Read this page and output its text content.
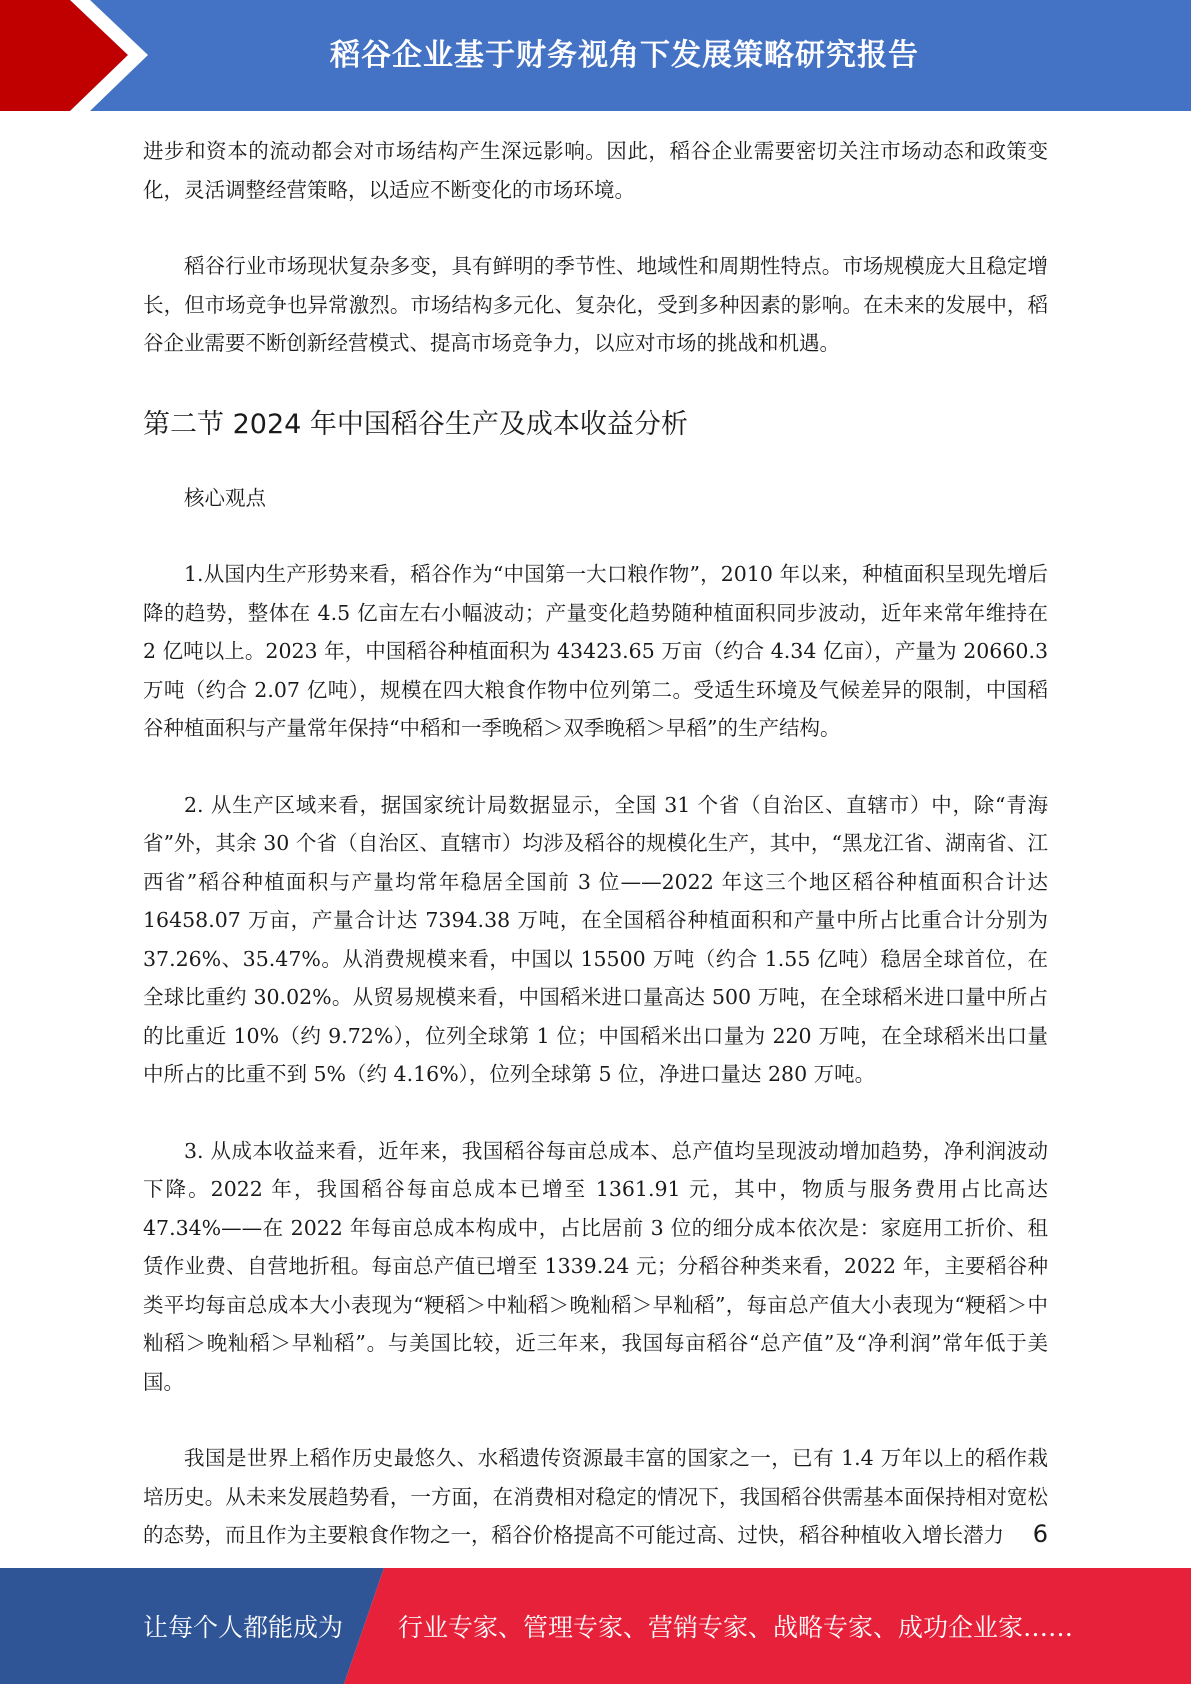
稻谷企业基于财务视角下发展策略研究报告

进步和资本的流动都会对市场结构产生深远影响。因此，稻谷企业需要密切关注市场动态和政策变化，灵活调整经营策略，以适应不断变化的市场环境。

稻谷行业市场现状复杂多变，具有鲜明的季节性、地域性和周期性特点。市场规模庞大且稳定增长，但市场竞争也异常激烈。市场结构多元化、复杂化，受到多种因素的影响。在未来的发展中，稻谷企业需要不断创新经营模式、提高市场竞争力，以应对市场的挑战和机遇。

第二节 2024 年中国稻谷生产及成本收益分析

核心观点

1.从国内生产形势来看，稻谷作为“中国第一大口粮作物”，2010 年以来，种植面积呈现先增后降的趋势，整体在 4.5 亿亩左右小幅波动；产量变化趋势随种植面积同步波动，近年来常年维持在 2 亿吨以上。2023 年，中国稻谷种植面积为 43423.65 万亩（约合 4.34 亿亩），产量为 20660.3 万吨（约合 2.07 亿吨），规模在四大粮食作物中位列第二。受适生环境及气候差异的限制，中国稻谷种植面积与产量常年保持“中稻和一季晚稻＞双季晚稻＞早稻”的生产结构。

2. 从生产区域来看，据国家统计局数据显示，全国 31 个省（自治区、直辖市）中，除“青海省”外，其余 30 个省（自治区、直辖市）均涉及稻谷的规模化生产，其中，“黑龙江省、湖南省、江西省”稻谷种植面积与产量均常年稳居全国前 3 位——2022 年这三个地区稻谷种植面积合计达 16458.07 万亩，产量合计达 7394.38 万吨，在全国稻谷种植面积和产量中所占比重合计分别为 37.26%、35.47%。从消费规模来看，中国以 15500 万吨（约合 1.55 亿吨）稳居全球首位，在全球比重约 30.02%。从贸易规模来看，中国稻米进口量高达 500 万吨，在全球稻米进口量中所占的比重近 10%（约 9.72%），位列全球第 1 位；中国稻米出口量为 220 万吨，在全球稻米出口量中所占的比重不到 5%（约 4.16%），位列全球第 5 位，净进口量达 280 万吨。

3. 从成本收益来看，近年来，我国稻谷每亩总成本、总产值均呈现波动增加趋势，净利润波动下降。2022 年，我国稻谷每亩总成本已增至 1361.91 元，其中，物质与服务费用占比高达 47.34%——在 2022 年每亩总成本构成中，占比居前 3 位的细分成本依次是：家庭用工折价、租赁作业费、自营地折租。每亩总产值已增至 1339.24 元；分稻谷种类来看，2022 年，主要稻谷种类平均每亩总成本大小表现为“粳稻＞中籼稻＞晚籼稻＞早籼稻”，每亩总产值大小表现为“粳稻＞中籼稻＞晚籼稻＞早籼稻”。与美国比较，近三年来，我国每亩稻谷“总产值”及“净利润”常年低于美国。

我国是世界上稻作历史最悠久、水稻遗传资源最丰富的国家之一，已有 1.4 万年以上的稻作栽培历史。从未来发展趋势看，一方面，在消费相对稳定的情况下，我国稻谷供需基本面保持相对宽松的态势，而且作为主要粮食作物之一，稻谷价格提高不可能过高、过快，稻谷种植收入增长潜力	6
让每个人都能成为 行业专家、管理专家、营销专家、战略专家、成功企业家……
